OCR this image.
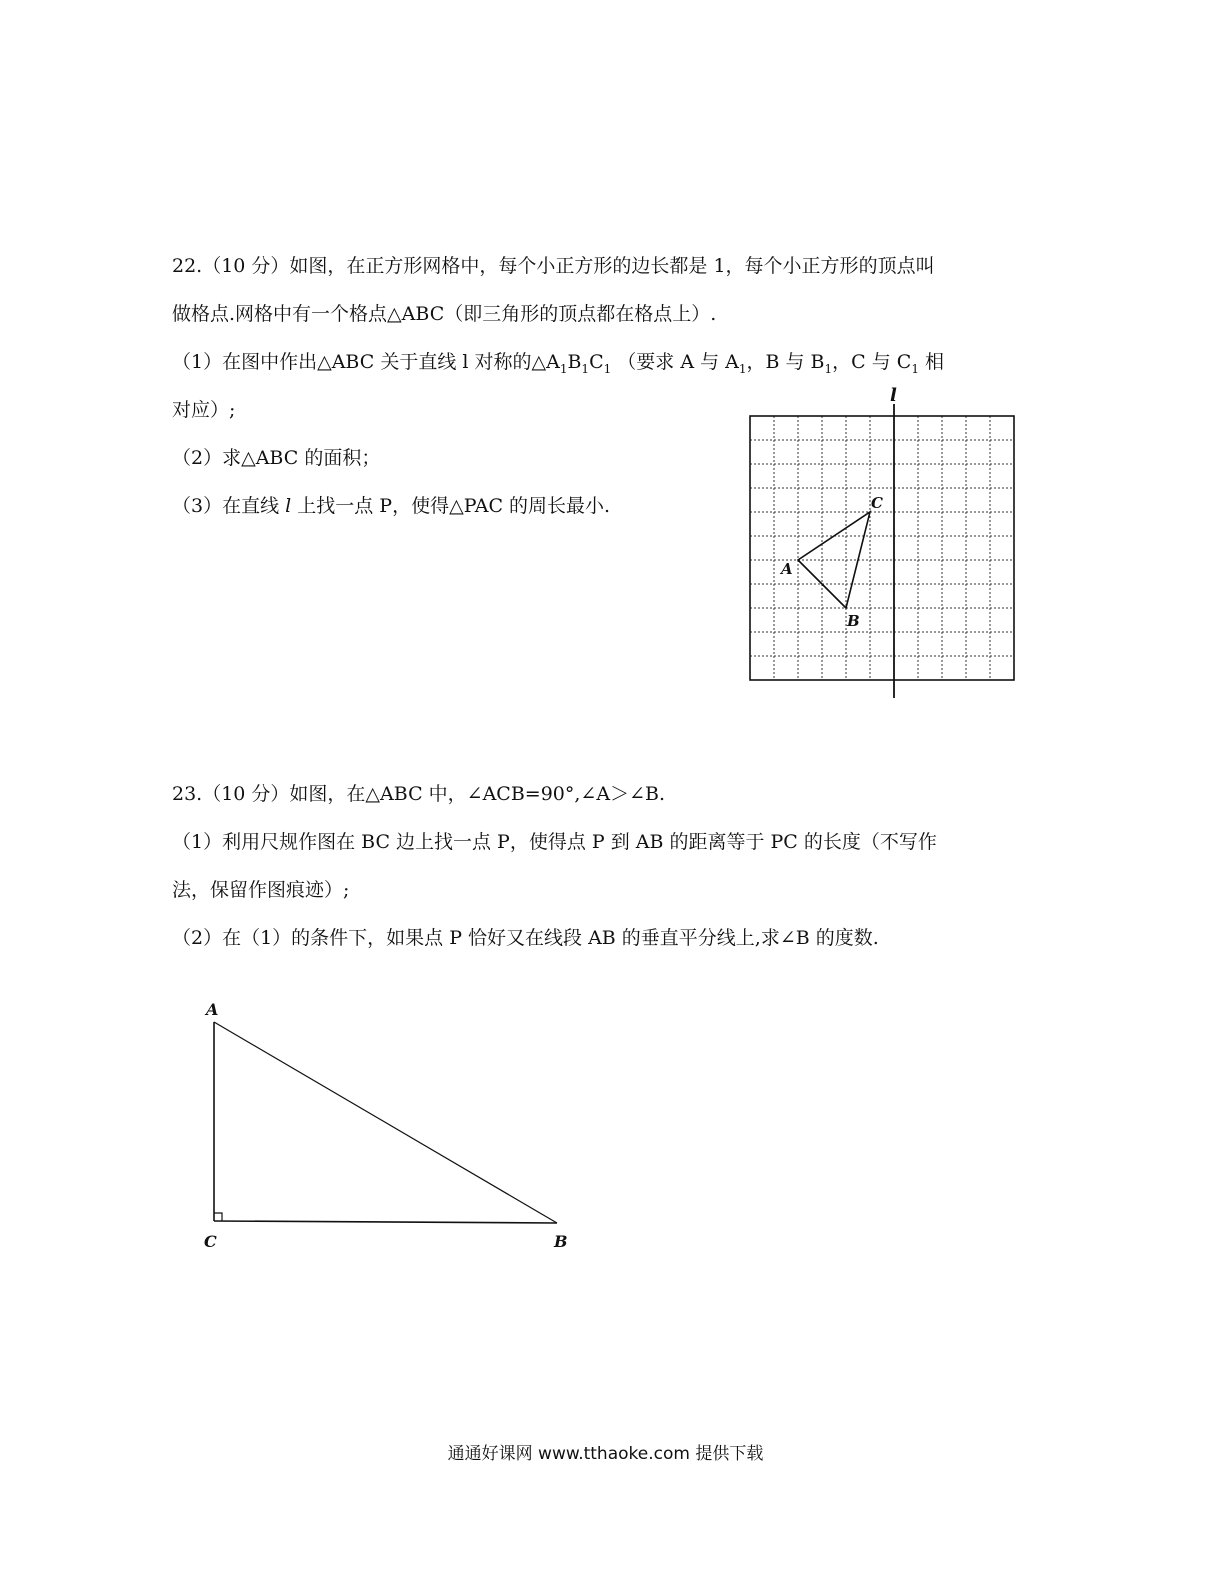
22.（10 分）如图，在正方形网格中，每个小正方形的边长都是 1，每个小正方形的顶点叫
做格点.网格中有一个格点△ABC（即三角形的顶点都在格点上）.
（1）在图中作出△ABC 关于直线 l 对称的$\triangle A_1B_1C_1$ （要求 A 与 $A_1$，B 与 $B_1$，C 与 $C_1$ 相
对应）;
（2）求△ABC 的面积；
（3）在直线 l 上找一点 P，使得△PAC 的周长最小.
l
A
B
C
23.（10 分）如图，在△ABC 中，∠ACB=90°,∠A＞∠B.
（1）利用尺规作图在 BC 边上找一点 P，使得点 P 到 AB 的距离等于 PC 的长度（不写作
法，保留作图痕迹）;
（2）在（1）的条件下，如果点 P 恰好又在线段 AB 的垂直平分线上,求∠B 的度数.
A
C	B
通通好课网 www.tthaoke.com 提供下载
